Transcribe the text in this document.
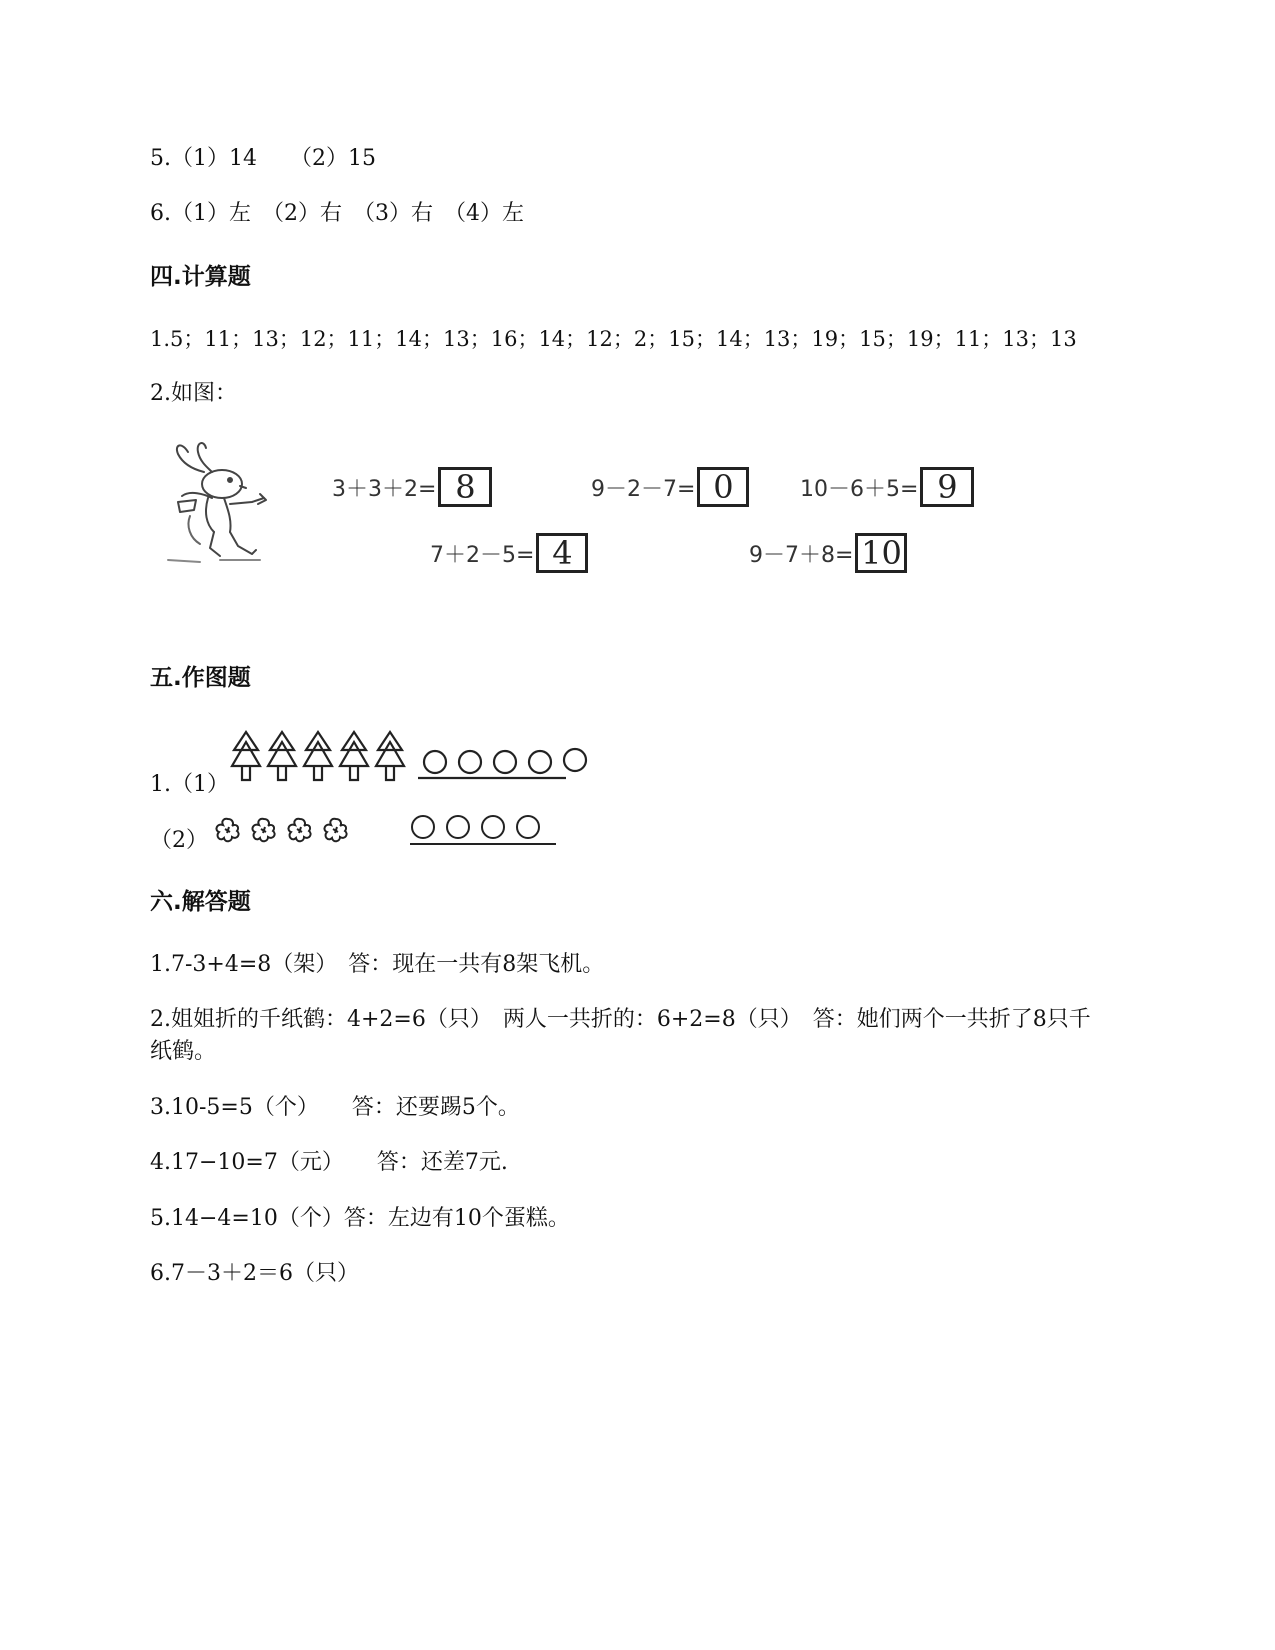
5.（1）14　　（2）15
6.（1）左　（2）右　（3）右　（4）左
四.计算题
1.5；11；13；12；11；14；13；16；14；12；2；15；14；13；19；15；19；11；13；13
2.如图：
3＋3＋2= 8	9－2－7= 0	10－6＋5= 9
7＋2－5= 4	9－7＋8= 10
五.作图题
1.（1）
（2）
六.解答题
1.7-3+4=8（架）　答：现在一共有8架飞机。
2.姐姐折的千纸鹤：4+2=6（只）　两人一共折的：6+2=8（只）　答：她们两个一共折了8只千纸鹤。
3.10-5=5（个）　　答：还要踢5个。
4.17−10=7（元）　　答：还差7元.
5.14−4=10（个）答：左边有10个蛋糕。
6.7－3＋2＝6（只）
